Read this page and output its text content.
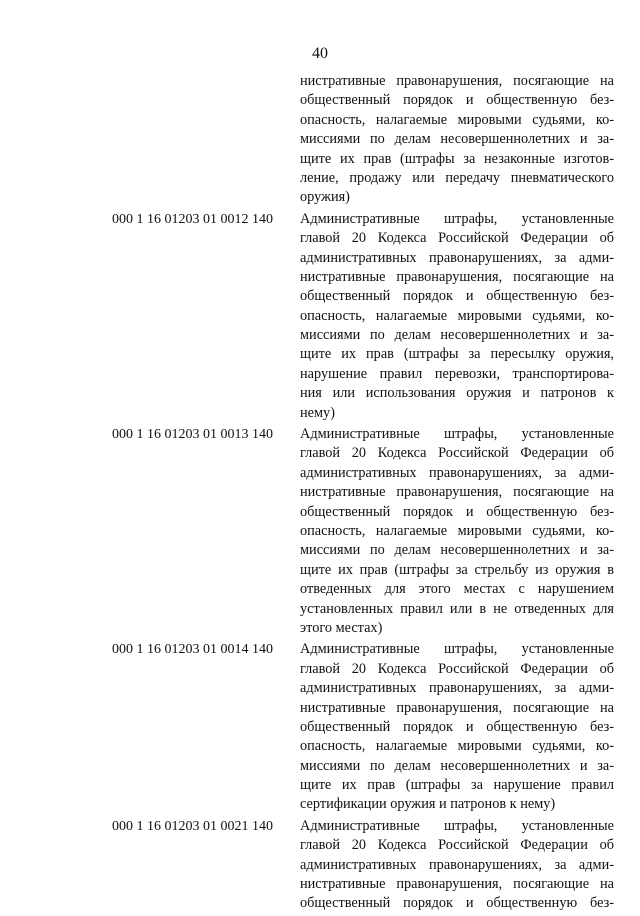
40
нистративные правонарушения, посягающие на
общественный порядок и общественную без-
опасность, налагаемые мировыми судьями, ко-
миссиями по делам несовершеннолетних и за-
щите их прав (штрафы за незаконные изготов-
ление, продажу или передачу пневматического
оружия)
000 1 16 01203 01 0012 140 Административные штрафы, установленные
главой 20 Кодекса Российской Федерации об
административных правонарушениях, за адми-
нистративные правонарушения, посягающие на
общественный порядок и общественную без-
опасность, налагаемые мировыми судьями, ко-
миссиями по делам несовершеннолетних и за-
щите их прав (штрафы за пересылку оружия,
нарушение правил перевозки, транспортирова-
ния или использования оружия и патронов к
нему)
000 1 16 01203 01 0013 140 Административные штрафы, установленные
главой 20 Кодекса Российской Федерации об
административных правонарушениях, за адми-
нистративные правонарушения, посягающие на
общественный порядок и общественную без-
опасность, налагаемые мировыми судьями, ко-
миссиями по делам несовершеннолетних и за-
щите их прав (штрафы за стрельбу из оружия в
отведенных для этого местах с нарушением
установленных правил или в не отведенных для
этого местах)
000 1 16 01203 01 0014 140 Административные штрафы, установленные
главой 20 Кодекса Российской Федерации об
административных правонарушениях, за адми-
нистративные правонарушения, посягающие на
общественный порядок и общественную без-
опасность, налагаемые мировыми судьями, ко-
миссиями по делам несовершеннолетних и за-
щите их прав (штрафы за нарушение правил
сертификации оружия и патронов к нему)
000 1 16 01203 01 0021 140 Административные штрафы, установленные
главой 20 Кодекса Российской Федерации об
административных правонарушениях, за адми-
нистративные правонарушения, посягающие на
общественный порядок и общественную без-
